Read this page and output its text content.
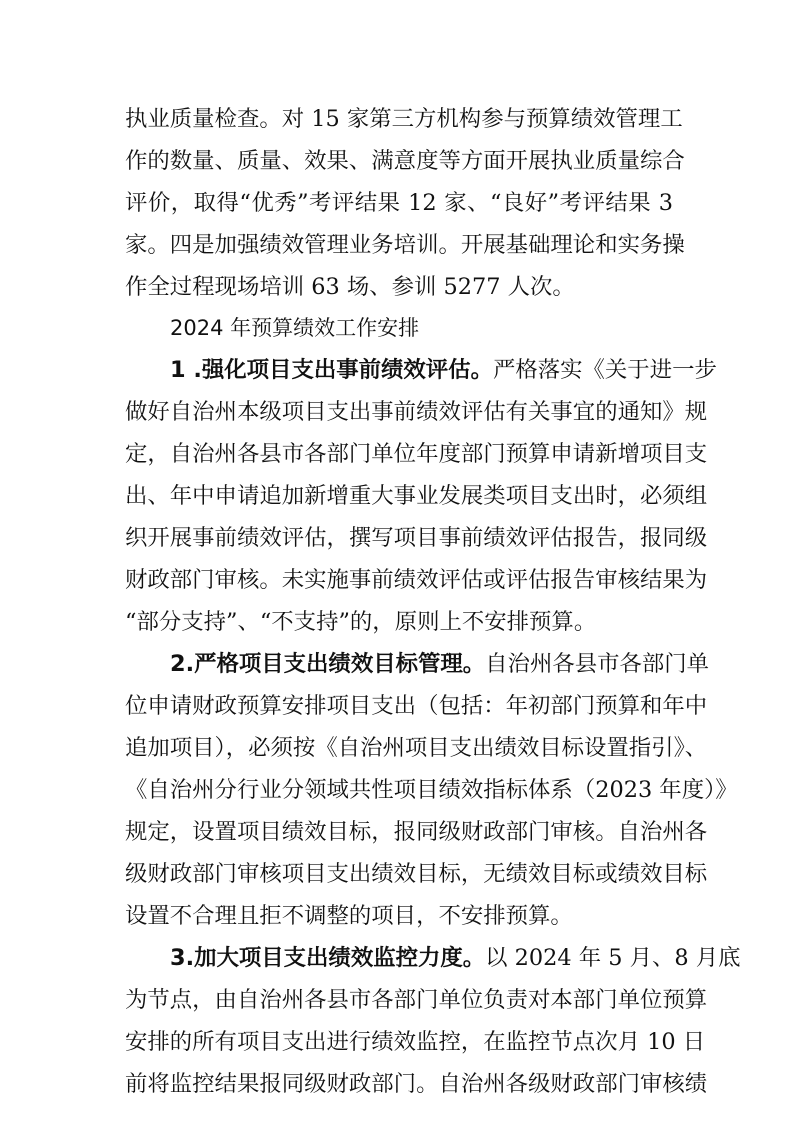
执业质量检查。对 15 家第三方机构参与预算绩效管理工
作的数量、质量、效果、满意度等方面开展执业质量综合
评价，取得“优秀”考评结果 12 家、“良好”考评结果 3
家。四是加强绩效管理业务培训。开展基础理论和实务操
作全过程现场培训 63 场、参训 5277 人次。
2024 年预算绩效工作安排
1 .强化项目支出事前绩效评估。严格落实《关于进一步
做好自治州本级项目支出事前绩效评估有关事宜的通知》规
定，自治州各县市各部门单位年度部门预算申请新增项目支
出、年中申请追加新增重大事业发展类项目支出时，必须组
织开展事前绩效评估，撰写项目事前绩效评估报告，报同级
财政部门审核。未实施事前绩效评估或评估报告审核结果为
“部分支持”、“不支持”的，原则上不安排预算。
2.严格项目支出绩效目标管理。自治州各县市各部门单
位申请财政预算安排项目支出（包括：年初部门预算和年中
追加项目），必须按《自治州项目支出绩效目标设置指引》、
《自治州分行业分领域共性项目绩效指标体系（2023 年度）》
规定，设置项目绩效目标，报同级财政部门审核。自治州各
级财政部门审核项目支出绩效目标，无绩效目标或绩效目标
设置不合理且拒不调整的项目，不安排预算。
3.加大项目支出绩效监控力度。以 2024 年 5 月、8 月底
为节点，由自治州各县市各部门单位负责对本部门单位预算
安排的所有项目支出进行绩效监控，在监控节点次月 10 日
前将监控结果报同级财政部门。自治州各级财政部门审核绩
